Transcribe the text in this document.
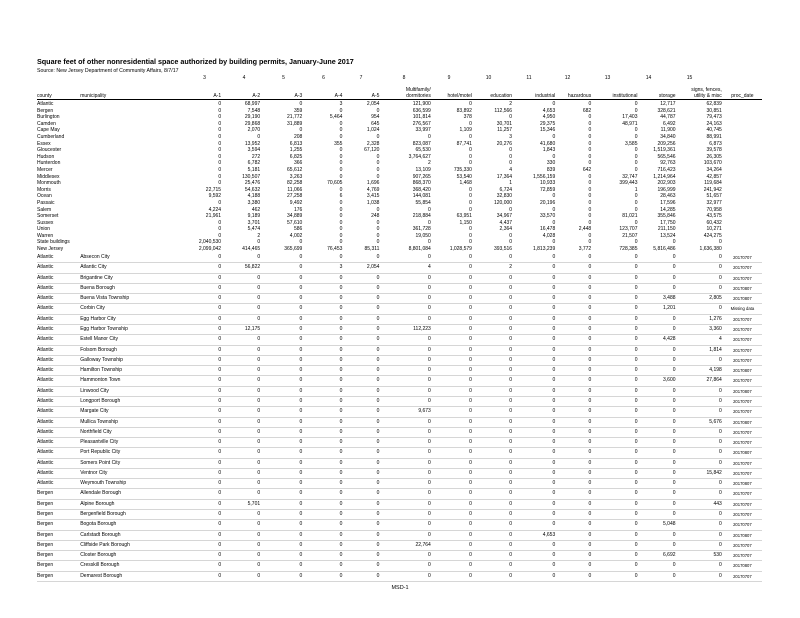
Square feet of other nonresidential space authorized by building permits, January-June 2017
Source: New Jersey Department of Community Affairs, 8/7/17
3	4	5	6	7	8	9	10	11	12	13	14	15
							Multifamily/							signs, fences,	
county	municipality	A-1	A-2	A-3	A-4	A-5	dormitories	hotel/motel	education	industrial	hazardous	institutional	storage	utility & misc	proc_date
Atlantic		0	68,997	0	3	2,054	121,900	0	2	0	0	0	12,717	62,839	
Bergen		0	7,548	359	0	0	636,599	83,892	112,566	4,653	682	0	328,621	30,851	
Burlington		0	29,190	21,772	5,464	954	101,814	378	0	4,950	0	17,403	44,787	79,473	
Camden		0	29,868	31,889	0	645	276,567	0	30,701	29,375	0	48,971	6,492	24,163	
Cape May		0	2,070	0	0	1,024	33,997	1,109	11,257	15,346	0	0	11,900	40,745	
Cumberland		0	0	208	0	0	0	0	3	0	0	0	34,840	88,991	
Essex		0	13,952	6,813	355	2,328	823,087	87,741	20,276	41,680	0	3,585	209,256	6,873	
Gloucester		0	3,594	1,255	0	67,120	65,530	0	0	1,843	0	0	1,519,361	39,578	
Hudson		0	272	6,825	0	0	3,764,627	0	0	0	0	0	565,546	26,305	
Hunterdon		0	6,782	366	0	0	2	0	0	330	0	0	92,763	103,670	
Mercer		0	5,181	65,612	0	0	13,109	735,330	4	839	642	0	716,423	34,264	
Middlesex		0	130,507	3,263	0	0	907,265	53,540	17,364	1,556,159	0	32,747	1,214,964	42,857	
Monmouth		0	25,476	82,258	70,605	1,696	868,370	1,468	1	10,933	0	399,443	202,903	119,684	
Morris		22,715	54,632	11,066	0	4,769	368,420	0	6,724	72,859	0	1	196,999	241,942	
Ocean		9,592	4,188	27,258	6	3,415	144,081	0	32,830	0	0	0	28,463	51,657	
Passaic		0	3,380	9,492	0	1,038	55,854	0	120,000	20,196	0	0	17,596	32,977	
Salem		4,224	462	176	0	0	0	0	0	0	0	0	14,285	70,958	
Somerset		21,961	9,189	34,889	0	248	218,884	63,951	34,967	33,570	0	81,021	355,846	43,575	
Sussex		0	3,701	57,610	0	0	0	1,150	4,437	0	0	0	17,750	60,432	
Union		0	5,474	586	0	0	361,728	0	2,364	16,478	2,448	123,707	211,150	10,271	
Warren		0	2	4,002	0	0	19,050	0	0	4,028	0	21,507	13,524	424,275	
State buildings		2,040,530	0	0	0	0	0	0	0	0	0	0	0	0	
New Jersey		2,099,042	414,465	365,699	76,453	85,311	8,801,084	1,028,579	393,516	1,813,239	3,772	728,385	5,816,486	1,636,380	
Atlantic	Absecon City	0	0	0	0	0	0	0	0	0	0	0	0	0	20170707
Atlantic	Atlantic City	0	56,822	0	3	2,054	4	0	2	0	0	0	0	0	20170707
Atlantic	Brigantine City	0	0	0	0	0	0	0	0	0	0	0	0	0	20170707
Atlantic	Buena Borough	0	0	0	0	0	0	0	0	0	0	0	0	0	20170807
Atlantic	Buena Vista Township	0	0	0	0	0	0	0	0	0	0	0	3,488	2,805	20170807
Atlantic	Corbin City	0	0	0	0	0	0	0	0	0	0	0	1,201	0	Missing data
Atlantic	Egg Harbor City	0	0	0	0	0	0	0	0	0	0	0	0	1,276	20170707
Atlantic	Egg Harbor Township	0	12,175	0	0	0	112,223	0	0	0	0	0	0	3,360	20170707
Atlantic	Estell Manor City	0	0	0	0	0	0	0	0	0	0	0	4,428	4	20170707
Atlantic	Folsom Borough	0	0	0	0	0	0	0	0	0	0	0	0	1,814	20170707
Atlantic	Galloway Township	0	0	0	0	0	0	0	0	0	0	0	0	0	20170707
Atlantic	Hamilton Township	0	0	0	0	0	0	0	0	0	0	0	0	4,198	20170807
Atlantic	Hammonton Town	0	0	0	0	0	0	0	0	0	0	0	3,600	27,864	20170707
Atlantic	Linwood City	0	0	0	0	0	0	0	0	0	0	0	0	0	20170807
Atlantic	Longport Borough	0	0	0	0	0	0	0	0	0	0	0	0	0	20170707
Atlantic	Margate City	0	0	0	0	0	9,673	0	0	0	0	0	0	0	20170707
Atlantic	Mullica Township	0	0	0	0	0	0	0	0	0	0	0	0	5,676	20170807
Atlantic	Northfield City	0	0	0	0	0	0	0	0	0	0	0	0	0	20170707
Atlantic	Pleasantville City	0	0	0	0	0	0	0	0	0	0	0	0	0	20170707
Atlantic	Port Republic City	0	0	0	0	0	0	0	0	0	0	0	0	0	20170807
Atlantic	Somers Point City	0	0	0	0	0	0	0	0	0	0	0	0	0	20170707
Atlantic	Ventnor City	0	0	0	0	0	0	0	0	0	0	0	0	15,842	20170707
Atlantic	Weymouth Township	0	0	0	0	0	0	0	0	0	0	0	0	0	20170807
Bergen	Allendale Borough	0	0	0	0	0	0	0	0	0	0	0	0	0	20170707
Bergen	Alpine Borough	0	5,701	0	0	0	0	0	0	0	0	0	0	443	20170707
Bergen	Bergenfield Borough	0	0	0	0	0	0	0	0	0	0	0	0	0	20170707
Bergen	Bogota Borough	0	0	0	0	0	0	0	0	0	0	0	5,048	0	20170707
Bergen	Carlstadt Borough	0	0	0	0	0	0	0	0	4,653	0	0	0	0	20170807
Bergen	Cliffside Park Borough	0	0	0	0	0	22,764	0	0	0	0	0	0	0	20170707
Bergen	Closter Borough	0	0	0	0	0	0	0	0	0	0	0	6,692	530	20170707
Bergen	Cresskill Borough	0	0	0	0	0	0	0	0	0	0	0	0	0	20170807
Bergen	Demarest Borough	0	0	0	0	0	0	0	0	0	0	0	0	0	20170707
MSD-1
